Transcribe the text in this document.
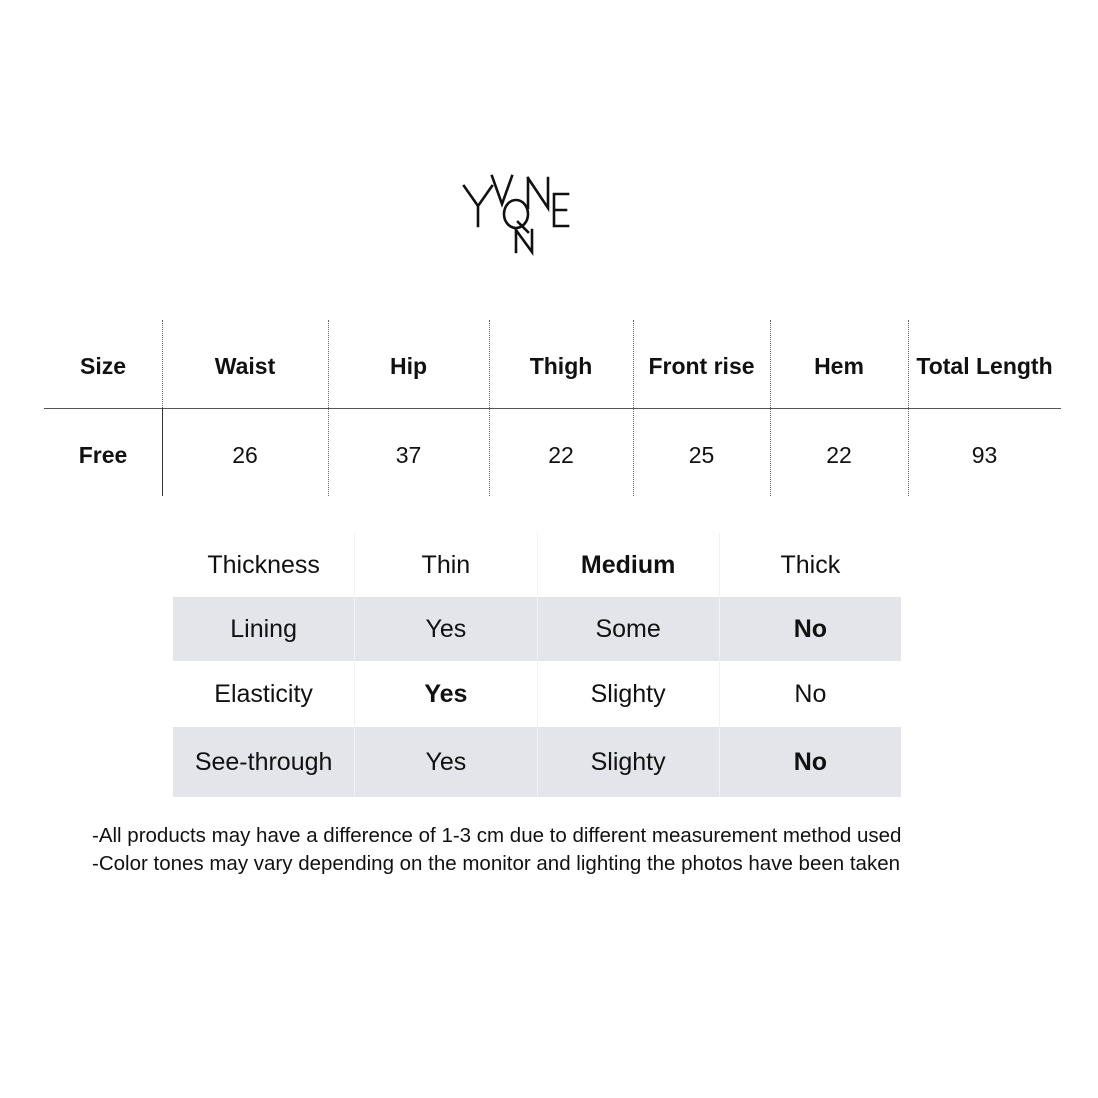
Size	Waist	Hip	Thigh	Front rise	Hem	Total Length
Free	26	37	22	25	22	93
Thickness	Thin	Medium	Thick
Lining	Yes	Some	No
Elasticity	Yes	Slighty	No
See-through	Yes	Slighty	No
-All products may have a difference of 1-3 cm due to different measurement method used
-Color tones may vary depending on the monitor and lighting the photos have been taken
